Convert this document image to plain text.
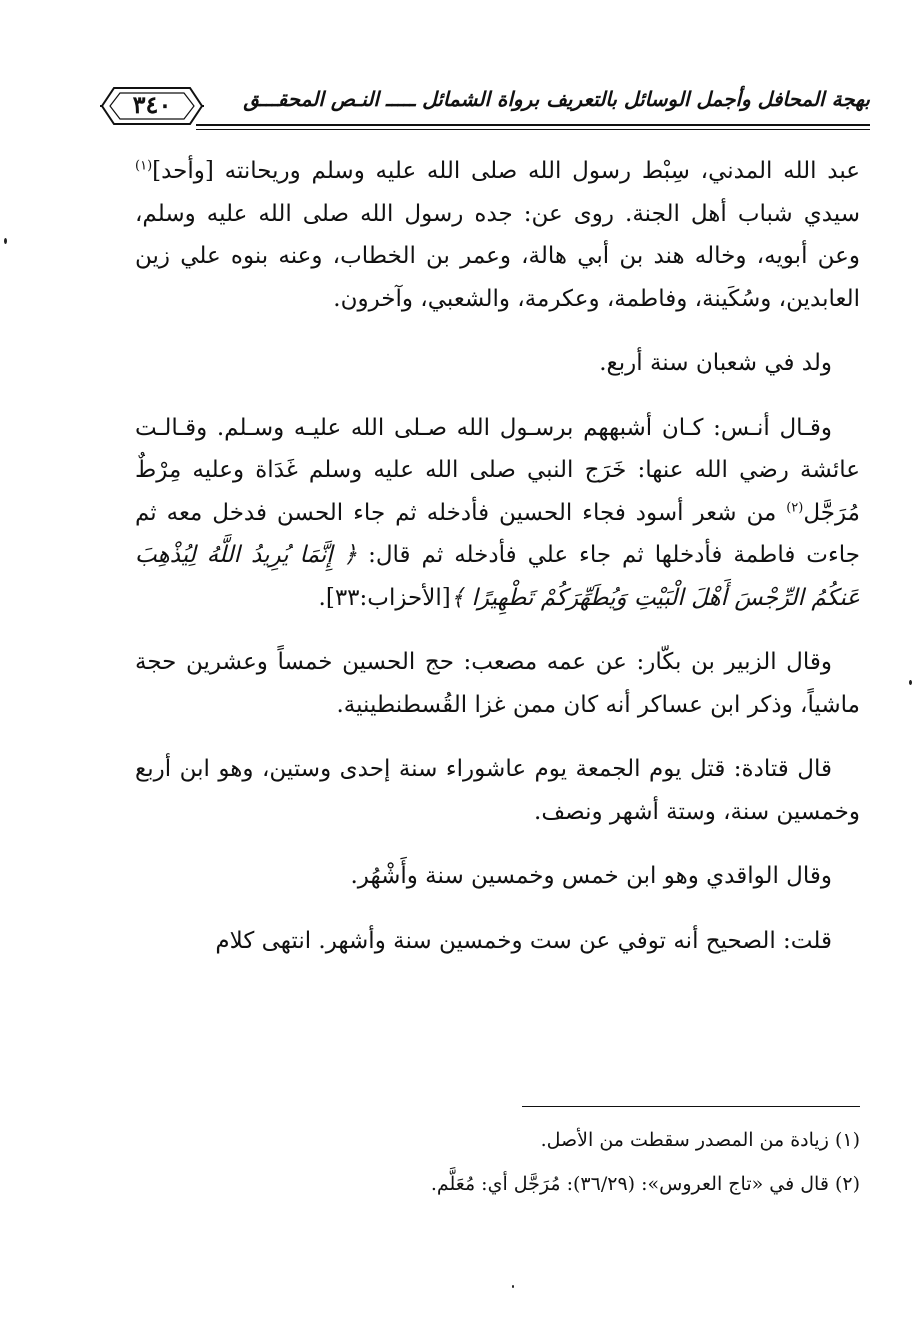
٣٤٠	بهجة المحافل وأجمل الوسائل بالتعريف برواة الشمائل ـــــ النـص المحقـــق

عبد الله المدني، سِبْط رسول الله صلى الله عليه وسلم وريحانته [وأحد]$^{(١)}$ سيدي شباب أهل الجنة. روى عن: جده رسول الله صلى الله عليه وسلم، وعن أبويه، وخاله هند بن أبي هالة، وعمر بن الخطاب، وعنه بنوه علي زين العابدين، وسُكَينة، وفاطمة، وعكرمة، والشعبي، وآخرون.

ولد في شعبان سنة أربع.

وقـال أنـس: كـان أشبههم برسـول الله صـلى الله عليـه وسـلم. وقـالـت عائشة رضي الله عنها: خَرَج النبي صلى الله عليه وسلم غَدَاة وعليه مِرْطٌ مُرَجَّل$^{(٢)}$ من شعر أسود فجاء الحسين فأدخله ثم جاء الحسن فدخل معه ثم جاءت فاطمة فأدخلها ثم جاء علي فأدخله ثم قال: ﴿ إِنَّمَا يُرِيدُ اللَّهُ لِيُذْهِبَ عَنكُمُ الرِّجْسَ أَهْلَ الْبَيْتِ وَيُطَهِّرَكُمْ تَطْهِيرًا ﴾[الأحزاب:٣٣].

وقال الزبير بن بكّار: عن عمه مصعب: حج الحسين خمساً وعشرين حجة ماشياً، وذكر ابن عساكر أنه كان ممن غزا القُسطنطينية.

قال قتادة: قتل يوم الجمعة يوم عاشوراء سنة إحدى وستين، وهو ابن أربع وخمسين سنة، وستة أشهر ونصف.

وقال الواقدي وهو ابن خمس وخمسين سنة وأَشْهُر.

قلت: الصحيح أنه توفي عن ست وخمسين سنة وأشهر. انتهى كلام

(١) زيادة من المصدر سقطت من الأصل.

(٢) قال في «تاج العروس»: (٣٦/٢٩): مُرَجَّل أي: مُعَلَّم.
